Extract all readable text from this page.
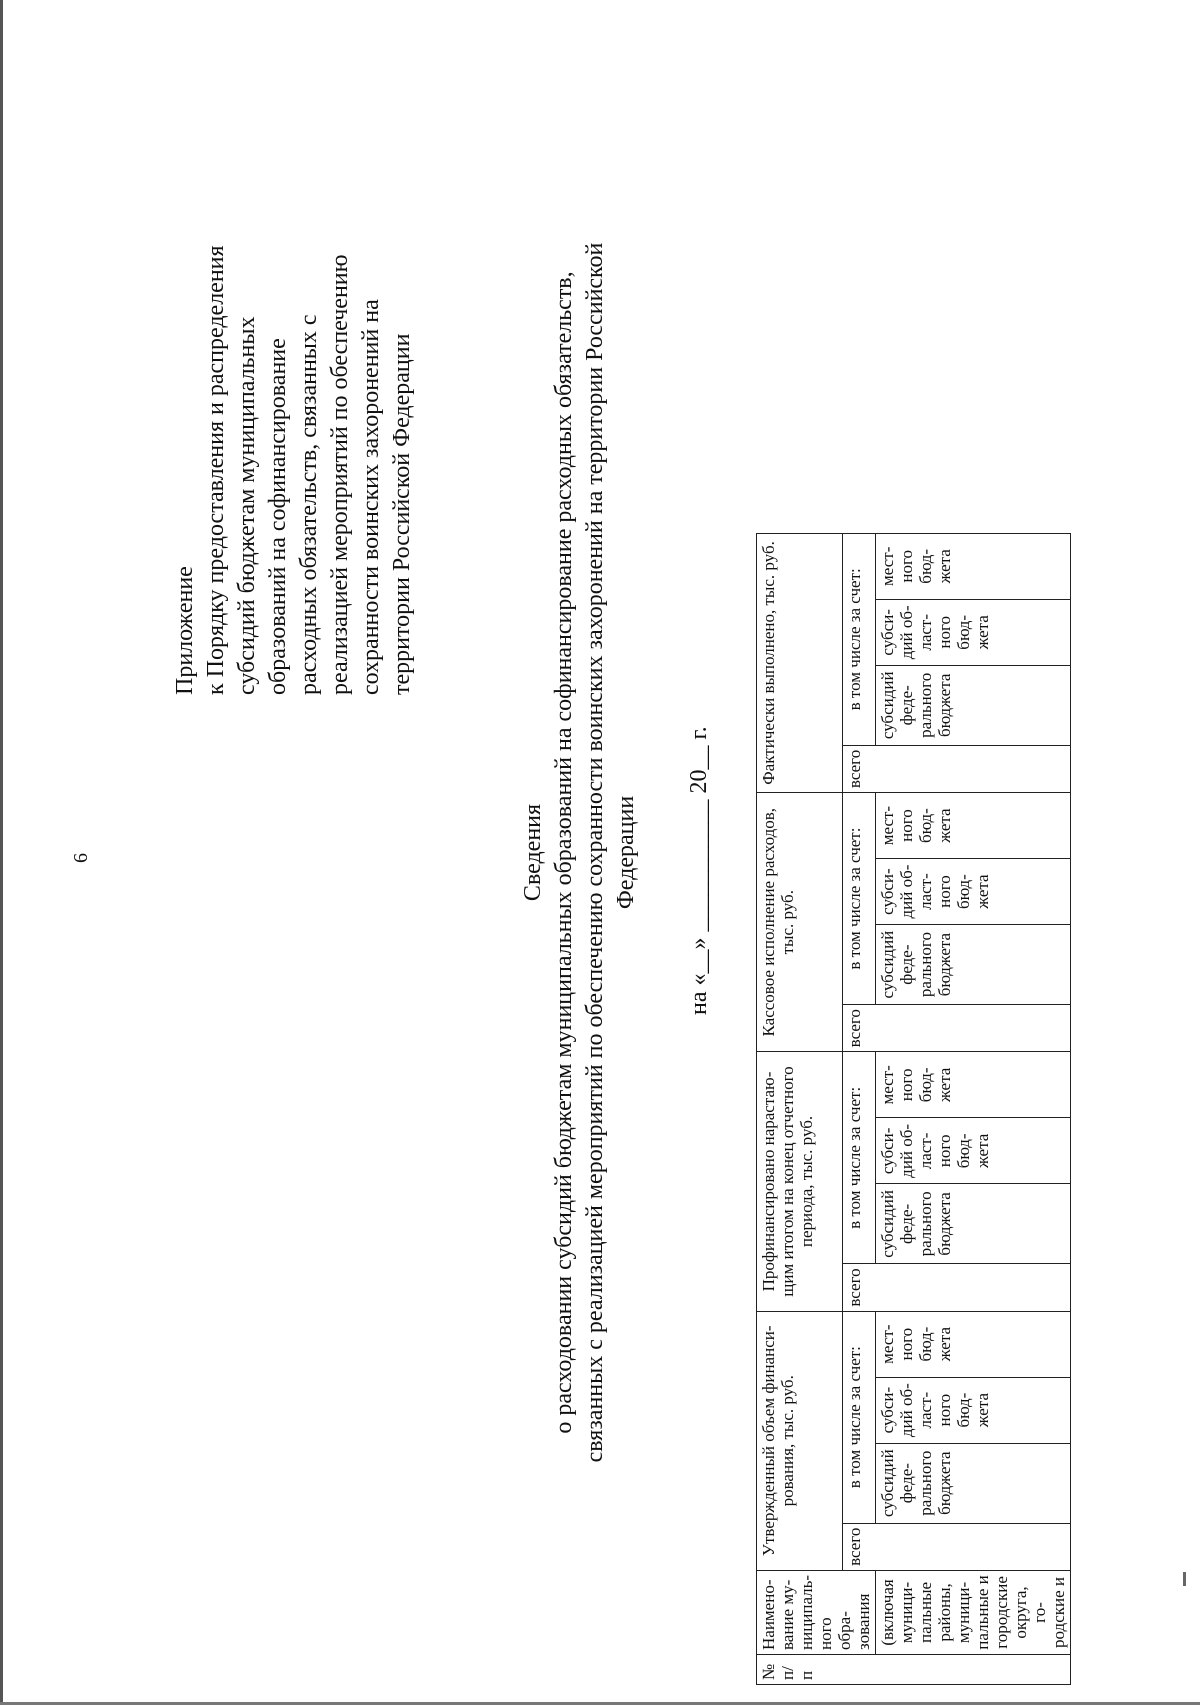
6
Приложение к Порядку предоставления и распределения субсидий бюджетам муниципальных образований на софинансирование расходных обязательств, связанных с реализацией мероприятий по обеспечению сохранности воинских захоронений на территории Российской Федерации
Сведения о расходовании субсидий бюджетам муниципальных образований на софинансирование расходных обязательств, связанных с реализацией мероприятий по обеспечению сохранности воинских захоронений на территории Российской Федерации на «__» ___________ 20__ г.
№ п/п	Наимено-вание му-ниципаль-ного обра-зования	Утвержденный объем финанси-рования, тыс. руб.				Профинансировано нарастаю-щим итогом на конец отчетного периода, тыс. руб.				Кассовое исполнение расходов, тыс. руб.				Фактически выполнено, тыс. руб.			
		всего	в том числе за счет:			всего	в том числе за счет:			всего	в том числе за счет:			всего	в том числе за счет:		
	(включая муници-пальные районы, муници-пальные и городские округа, го-родские и		субсидий феде-рального бюджета	субси-дий об-ласт-ного бюд-жета	мест-ного бюд-жета		субсидий феде-рального бюджета	субси-дий об-ласт-ного бюд-жета	мест-ного бюд-жета		субсидий феде-рального бюджета	субси-дий об-ласт-ного бюд-жета	мест-ного бюд-жета		субсидий феде-рального бюджета	субси-дий об-ласт-ного бюд-жета	мест-ного бюд-жета
